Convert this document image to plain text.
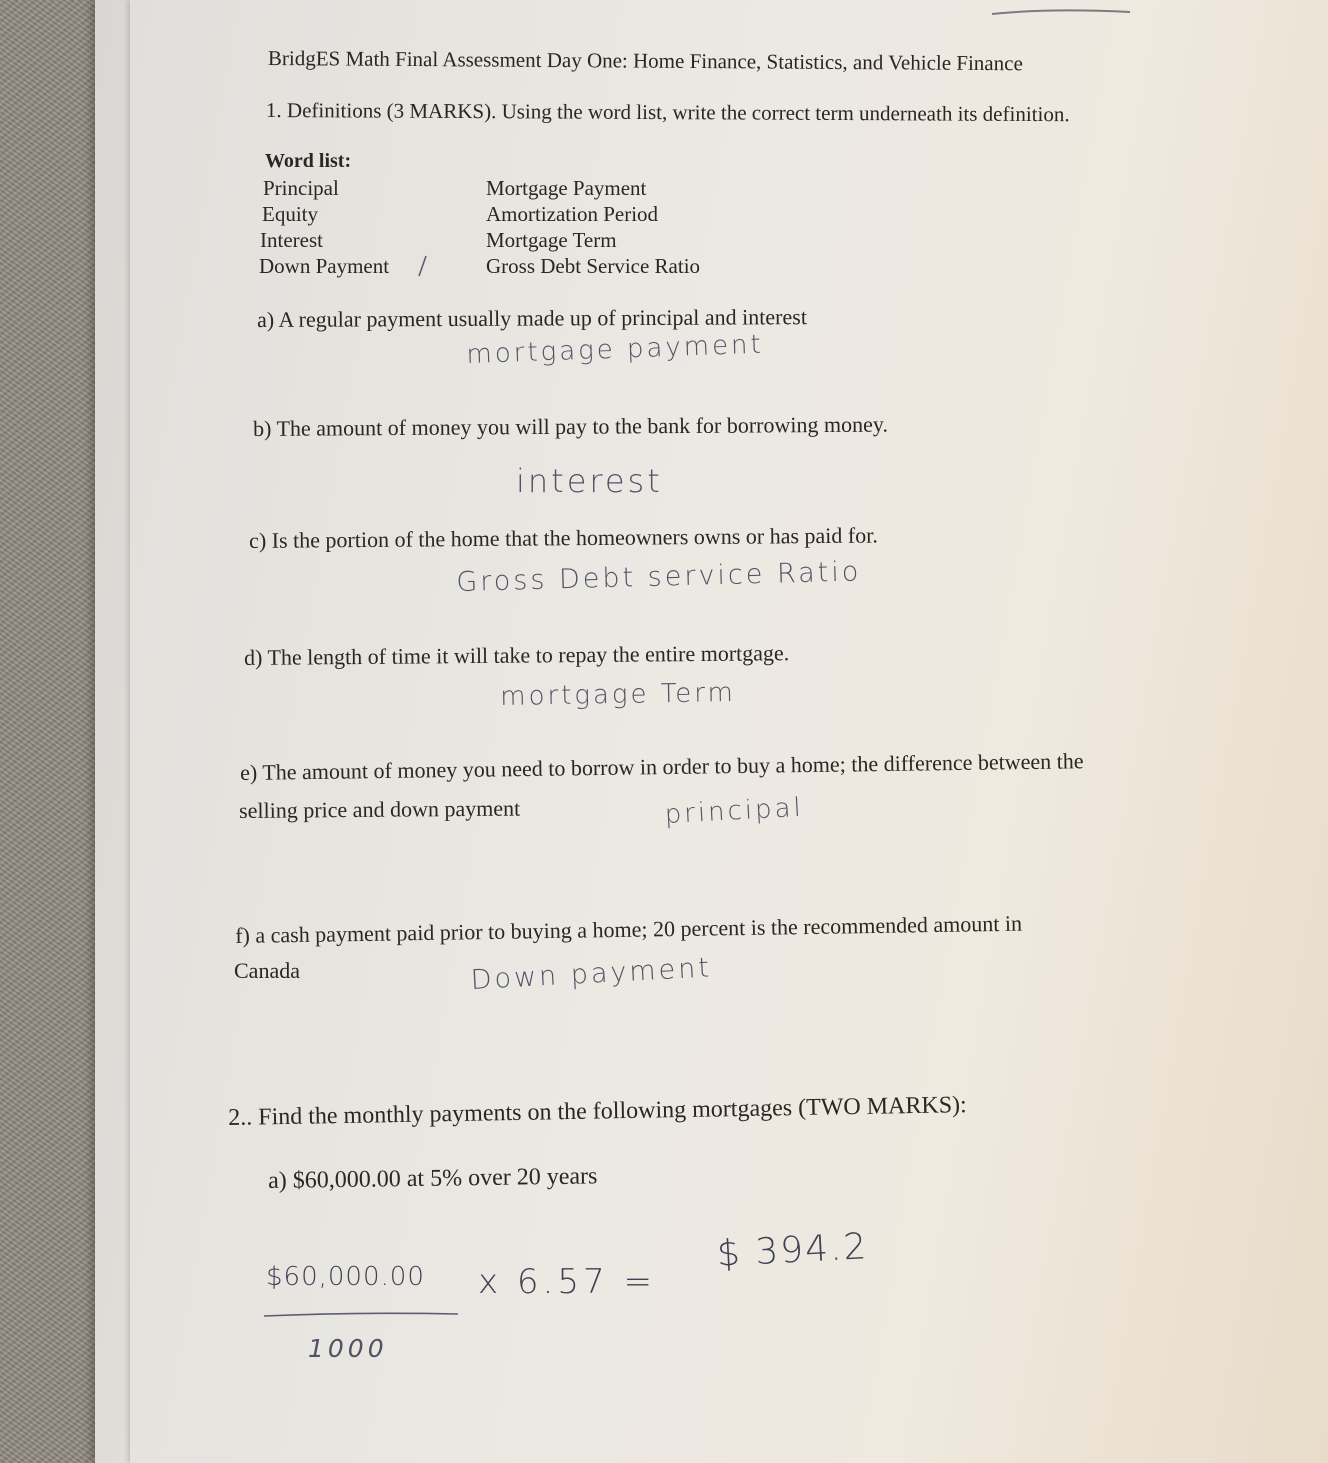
BridgES Math Final Assessment Day One: Home Finance, Statistics, and Vehicle Finance
1. Definitions (3 MARKS). Using the word list, write the correct term underneath its definition.
Word list:
Principal
Equity
Interest
Down Payment
Mortgage Payment
Amortization Period
Mortgage Term
Gross Debt Service Ratio
a) A regular payment usually made up of principal and interest
mortgage payment
b) The amount of money you will pay to the bank for borrowing money.
interest
c) Is the portion of the home that the homeowners owns or has paid for.
Gross Debt service Ratio
d) The length of time it will take to repay the entire mortgage.
mortgage Term
e) The amount of money you need to borrow in order to buy a home; the difference between the
selling price and down payment	principal
f) a cash payment paid prior to buying a home; 20 percent is the recommended amount in
Canada	Down payment
2.. Find the monthly payments on the following mortgages (TWO MARKS):
a) $60,000.00 at 5% over 20 years
$60,000.00
1000
x 6.57 =
$ 394.2
